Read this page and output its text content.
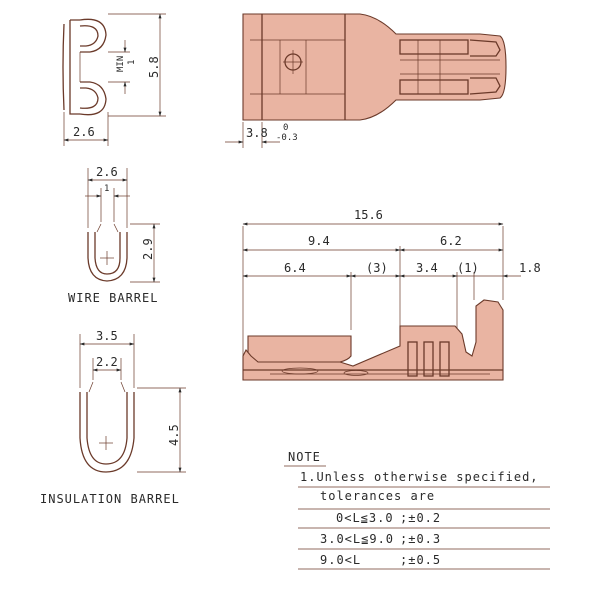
MIN 1 5.8
2.6	3.8 0
-0.3
2.6
1
2.9
WIRE BARREL
3.5
2.2
4.5
INSULATION BARREL
15.6
9.4	6.2
6.4	(3) 3.4 (1)	1.8
NOTE
1.Unless otherwise specified,
tolerances are
0<L≦3.0 ;±0.2
3.0<L≦9.0 ;±0.3
9.0<L	;±0.5
